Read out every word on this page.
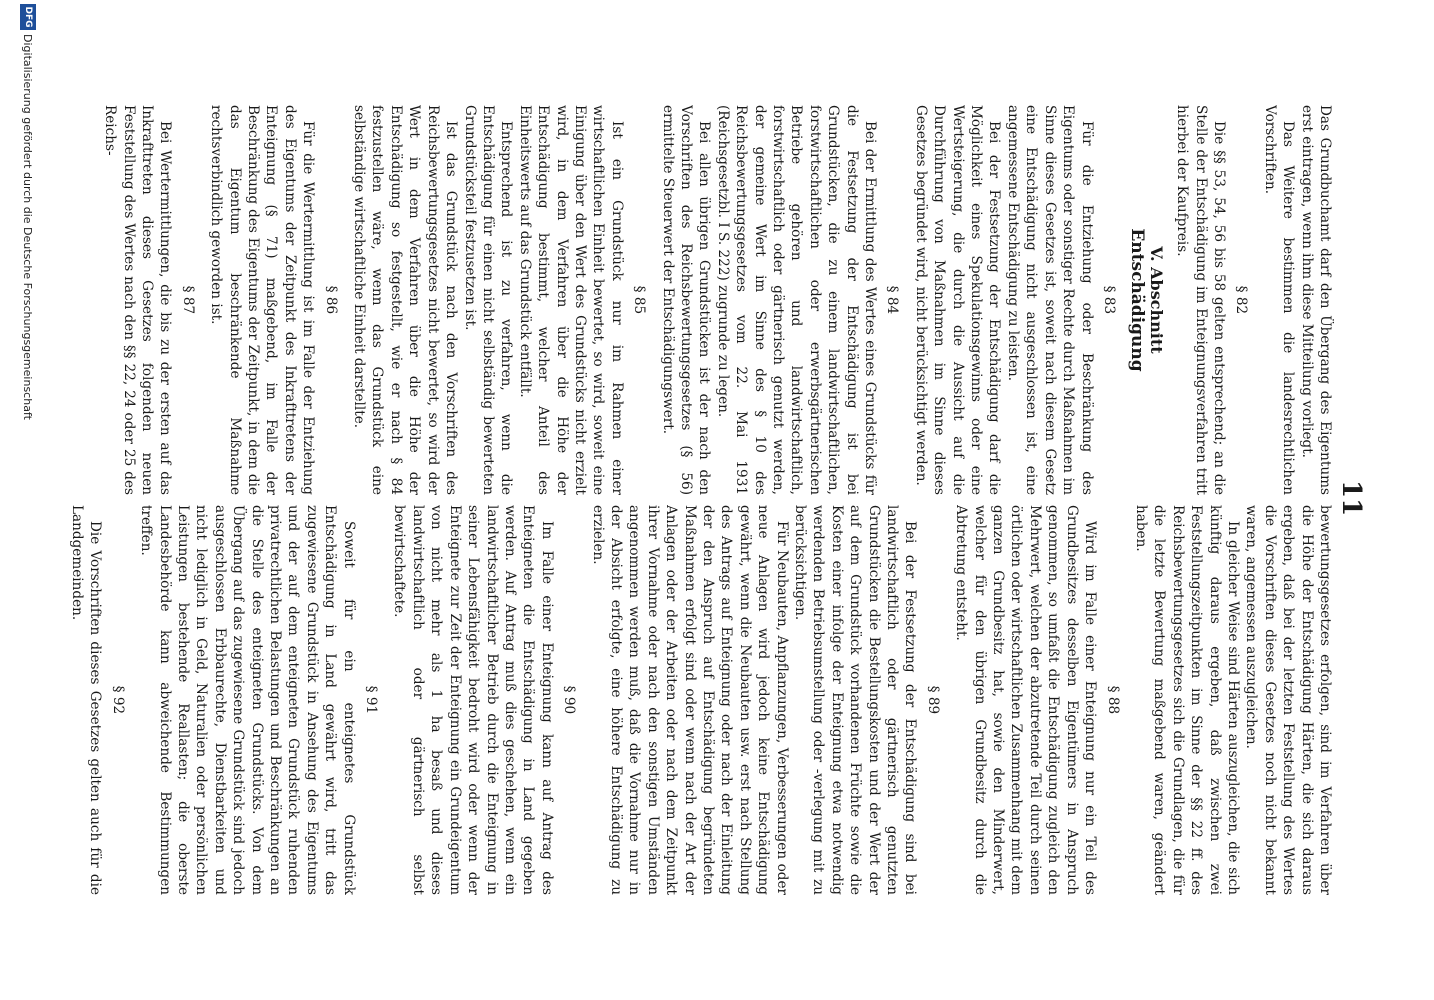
11

Das Grundbuchamt darf den Übergang des Eigentums erst eintragen, wenn ihm diese Mitteilung vorliegt.

Das Weitere bestimmen die landesrechtlichen Vorschriften.

§ 82

Die §§ 53, 54, 56 bis 58 gelten entsprechend; an die Stelle der Entschädigung im Enteignungsverfahren tritt hierbei der Kaufpreis.

V. Abschnitt

Entschädigung

§ 83

Für die Entziehung oder Beschränkung des Eigentums oder sonstiger Rechte durch Maßnahmen im Sinne dieses Gesetzes ist, soweit nach diesem Gesetz eine Entschädigung nicht ausgeschlossen ist, eine angemessene Entschädigung zu leisten.

Bei der Festsetzung der Entschädigung darf die Möglichkeit eines Spekulationsgewinns oder eine Wertsteigerung, die durch die Aussicht auf die Durchführung von Maßnahmen im Sinne dieses Gesetzes begründet wird, nicht berücksichtigt werden.

§ 84

Bei der Ermittlung des Wertes eines Grundstücks für die Festsetzung der Entschädigung ist bei Grundstücken, die zu einem landwirtschaftlichen, forstwirtschaftlichen oder erwerbsgärtnerischen Betriebe gehören und landwirtschaftlich, forstwirtschaftlich oder gärtnerisch genutzt werden, der gemeine Wert im Sinne des § 10 des Reichsbewertungsgesetzes vom 22. Mai 1931 (Reichsgesetzbl. I S. 222) zugrunde zu legen.

Bei allen übrigen Grundstücken ist der nach den Vorschriften des Reichsbewertungsgesetzes (§ 56) ermittelte Steuerwert der Entschädigungswert.

§ 85

Ist ein Grundstück nur im Rahmen einer wirtschaftlichen Einheit bewertet, so wird, soweit eine Einigung über den Wert des Grundstücks nicht erzielt wird, in dem Verfahren über die Höhe der Entschädigung bestimmt, welcher Anteil des Einheitswerts auf das Grundstück entfällt.

Entsprechend ist zu verfahren, wenn die Entschädigung für einen nicht selbständig bewerteten Grundstücksteil festzusetzen ist.

Ist das Grundstück nach den Vorschriften des Reichsbewertungsgesetzes nicht bewertet, so wird der Wert in dem Verfahren über die Höhe der Entschädigung so festgestellt, wie er nach § 84 festzustellen wäre, wenn das Grundstück eine selbständige wirtschaftliche Einheit darstellte.

§ 86

Für die Wertermittlung ist im Falle der Entziehung des Eigentums der Zeitpunkt des Inkrafttretens der Enteignung (§ 71) maßgebend, im Falle der Beschränkung des Eigentums der Zeitpunkt, in dem die das Eigentum beschränkende Maßnahme rechtsverbindlich geworden ist.

§ 87

Bei Wertermittlungen, die bis zu der ersten auf das Inkrafttreten dieses Gesetzes folgenden neuen Feststellung des Wertes nach den §§ 22, 24 oder 25 des Reichs-

bewertungsgesetzes erfolgen, sind im Verfahren über die Höhe der Entschädigung Härten, die sich daraus ergeben, daß bei der letzten Feststellung des Wertes die Vorschriften dieses Gesetzes noch nicht bekannt waren, angemessen auszugleichen.

In gleicher Weise sind Härten auszugleichen, die sich künftig daraus ergeben, daß zwischen zwei Feststellungszeitpunkten im Sinne der §§ 22 ff. des Reichsbewertungsgesetzes sich die Grundlagen, die für die letzte Bewertung maßgebend waren, geändert haben.

§ 88

Wird im Falle einer Enteignung nur ein Teil des Grundbesitzes desselben Eigentümers in Anspruch genommen, so umfaßt die Entschädigung zugleich den Mehrwert, welchen der abzutretende Teil durch seinen örtlichen oder wirtschaftlichen Zusammenhang mit dem ganzen Grundbesitz hat, sowie den Minderwert, welcher für den übrigen Grundbesitz durch die Abtretung entsteht.

§ 89

Bei der Festsetzung der Entschädigung sind bei landwirtschaftlich oder gärtnerisch genutzten Grundstücken die Bestellungskosten und der Wert der auf dem Grundstück vorhandenen Früchte sowie die Kosten einer infolge der Enteignung etwa notwendig werdenden Betriebsumstellung oder -verlegung mit zu berücksichtigen.

Für Neubauten, Anpflanzungen, Verbesserungen oder neue Anlagen wird jedoch keine Entschädigung gewährt, wenn die Neubauten usw. erst nach Stellung des Antrags auf Enteignung oder nach der Einleitung der den Anspruch auf Entschädigung begründeten Maßnahmen erfolgt sind oder wenn nach der Art der Anlagen oder der Arbeiten oder nach dem Zeitpunkt ihrer Vornahme oder nach den sonstigen Umständen angenommen werden muß, daß die Vornahme nur in der Absicht erfolgte, eine höhere Entschädigung zu erzielen.

§ 90

Im Falle einer Enteignung kann auf Antrag des Enteigneten die Entschädigung in Land gegeben werden. Auf Antrag muß dies geschehen, wenn ein landwirtschaftlicher Betrieb durch die Enteignung in seiner Lebensfähigkeit bedroht wird oder wenn der Enteignete zur Zeit der Enteignung ein Grundeigentum von nicht mehr als 1 ha besaß und dieses landwirtschaftlich oder gärtnerisch selbst bewirtschaftete.

§ 91

Soweit für ein enteignetes Grundstück Entschädigung in Land gewährt wird, tritt das zugewiesene Grundstück in Ansehung des Eigentums und der auf dem enteigneten Grundstück ruhenden privatrechtlichen Belastungen und Beschränkungen an die Stelle des enteigneten Grundstücks. Von dem Übergang auf das zugewiesene Grundstück sind jedoch ausgeschlossen Erbbaurechte, Dienstbarkeiten und nicht lediglich in Geld, Naturalien oder persönlichen Leistungen bestehende Reallasten; die oberste Landesbehörde kann abweichende Bestimmungen treffen.

§ 92

Die Vorschriften dieses Gesetzes gelten auch für die Landgemeinden.

DFG
Digitalisierung gefördert durch die Deutsche Forschungsgemeinschaft
